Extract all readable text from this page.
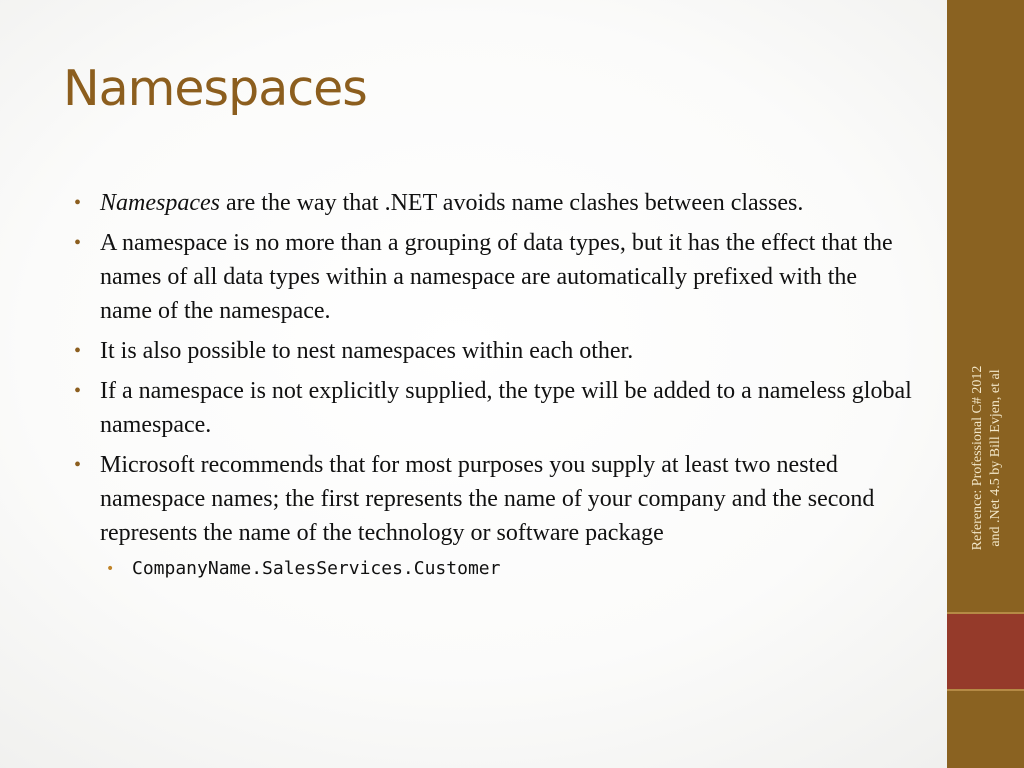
Namespaces
• Namespaces are the way that .NET avoids name clashes between classes.
• A namespace is no more than a grouping of data types, but it has the effect that the names of all data types within a namespace are automatically prefixed with the name of the namespace.
• It is also possible to nest namespaces within each other.
• If a namespace is not explicitly supplied, the type will be added to a nameless global namespace.
• Microsoft recommends that for most purposes you supply at least two nested namespace names; the first represents the name of your company and the second represents the name of the technology or software package
• CompanyName.SalesServices.Customer
Reference: Professional C# 2012 and .Net 4.5 by Bill Evjen, et al
